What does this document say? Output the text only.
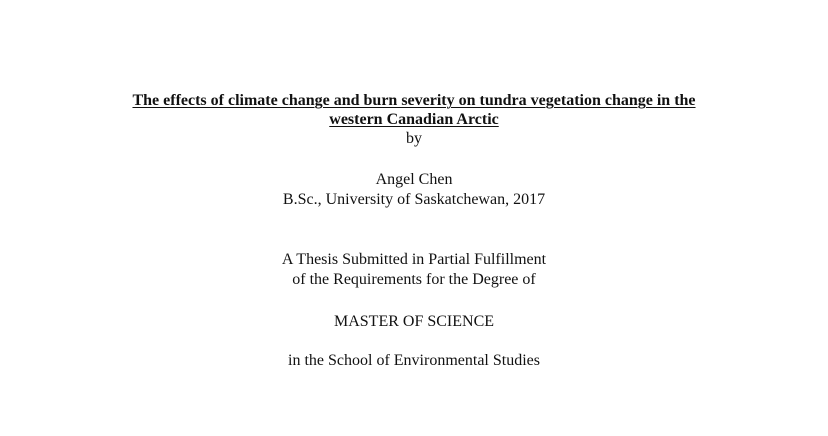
The effects of climate change and burn severity on tundra vegetation change in the
western Canadian Arctic
by
Angel Chen
B.Sc., University of Saskatchewan, 2017
A Thesis Submitted in Partial Fulfillment
of the Requirements for the Degree of
MASTER OF SCIENCE
in the School of Environmental Studies
